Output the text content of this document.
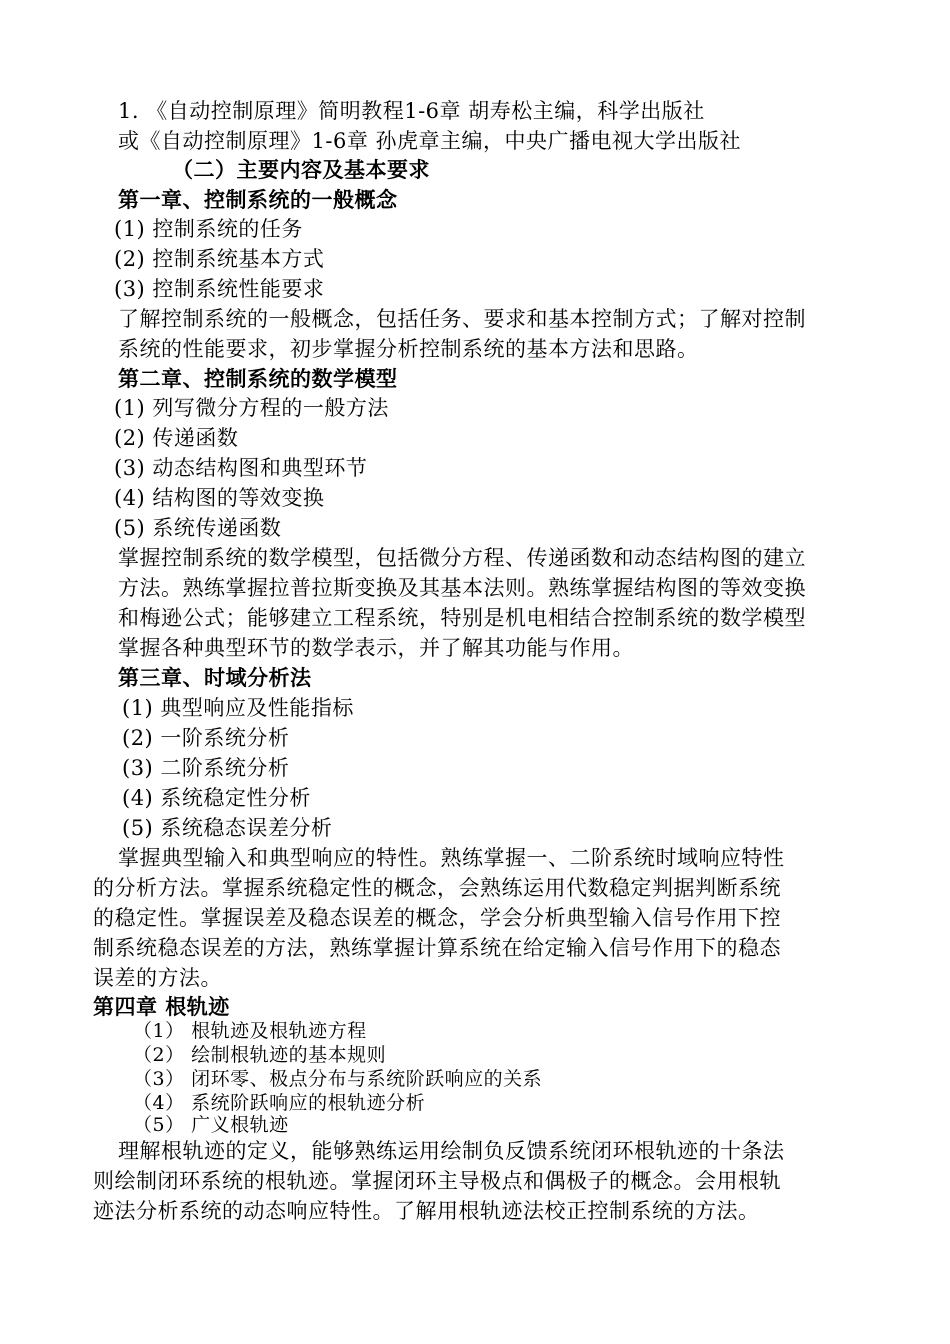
1. 《自动控制原理》简明教程1-6章 胡寿松主编，科学出版社
或《自动控制原理》1-6章 孙虎章主编，中央广播电视大学出版社
（二）主要内容及基本要求
第一章、控制系统的一般概念
(1) 控制系统的任务
(2) 控制系统基本方式
(3) 控制系统性能要求
了解控制系统的一般概念，包括任务、要求和基本控制方式；了解对控制
系统的性能要求，初步掌握分析控制系统的基本方法和思路。
第二章、控制系统的数学模型
(1) 列写微分方程的一般方法
(2) 传递函数
(3) 动态结构图和典型环节
(4) 结构图的等效变换
(5) 系统传递函数
掌握控制系统的数学模型，包括微分方程、传递函数和动态结构图的建立
方法。熟练掌握拉普拉斯变换及其基本法则。熟练掌握结构图的等效变换
和梅逊公式；能够建立工程系统，特别是机电相结合控制系统的数学模型
掌握各种典型环节的数学表示，并了解其功能与作用。
第三章、时域分析法
(1) 典型响应及性能指标
(2) 一阶系统分析
(3) 二阶系统分析
(4) 系统稳定性分析
(5) 系统稳态误差分析
掌握典型输入和典型响应的特性。熟练掌握一、二阶系统时域响应特性
的分析方法。掌握系统稳定性的概念，会熟练运用代数稳定判据判断系统
的稳定性。掌握误差及稳态误差的概念，学会分析典型输入信号作用下控
制系统稳态误差的方法，熟练掌握计算系统在给定输入信号作用下的稳态
误差的方法。
第四章 根轨迹
（1） 根轨迹及根轨迹方程
（2） 绘制根轨迹的基本规则
（3） 闭环零、极点分布与系统阶跃响应的关系
（4） 系统阶跃响应的根轨迹分析
（5） 广义根轨迹
理解根轨迹的定义，能够熟练运用绘制负反馈系统闭环根轨迹的十条法
则绘制闭环系统的根轨迹。掌握闭环主导极点和偶极子的概念。会用根轨
迹法分析系统的动态响应特性。了解用根轨迹法校正控制系统的方法。
